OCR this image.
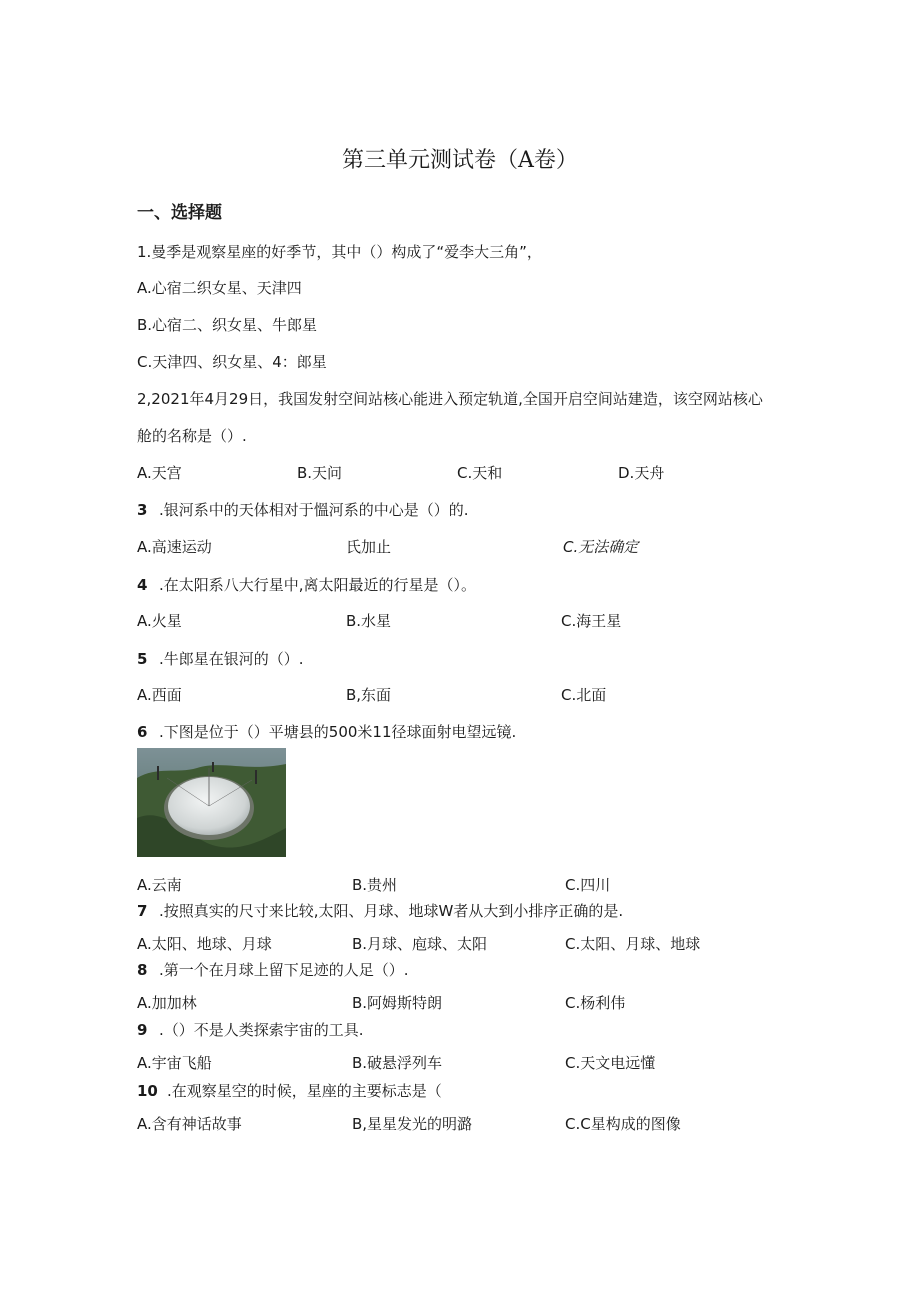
第三单元测试卷（A卷）
一、选择题
1.曼季是观察星座的好季节，其中（）构成了“爱李大三角”，
A.心宿二织女星、天津四
B.心宿二、织女星、牛郎星
C.天津四、织女星、4：郎星
2,2021年4月29日，我国发射空间站核心能进入预定轨道,全国开启空间站建造，该空网站核心
舱的名称是（）.
A.天宫	B.天问	C.天和	D.天舟
3 .银河系中的天体相对于慍河系的中心是（）的.
A.高速运动	氏加止	C.无法确定
4 .在太阳系八大行星中,离太阳最近的行星是（）。
A.火星	B.水星	C.海王星
5 .牛郎星在银河的（）.
A.西面	B,东面	C.北面
6 .下图是位于（）平塘县的500米11径球面射电望远镜.
A.云南	B.贵州	C.四川
7 .按照真实的尺寸来比较,太阳、月球、地球W者从大到小排序正确的是.
A.太阳、地球、月球	B.月球、庖球、太阳	C.太阳、月球、地球
8 .第一个在月球上留下足迹的人足（）.
A.加加林	B.阿姆斯特朗	C.杨利伟
9 .（）不是人类探索宇宙的工具.
A.宇宙飞船	B.破悬浮列车	C.天文电远懂
10 .在观察星空的时候，星座的主要标志是（
A.含有神话故事	B,星星发光的明潞	C.C星构成的图像
